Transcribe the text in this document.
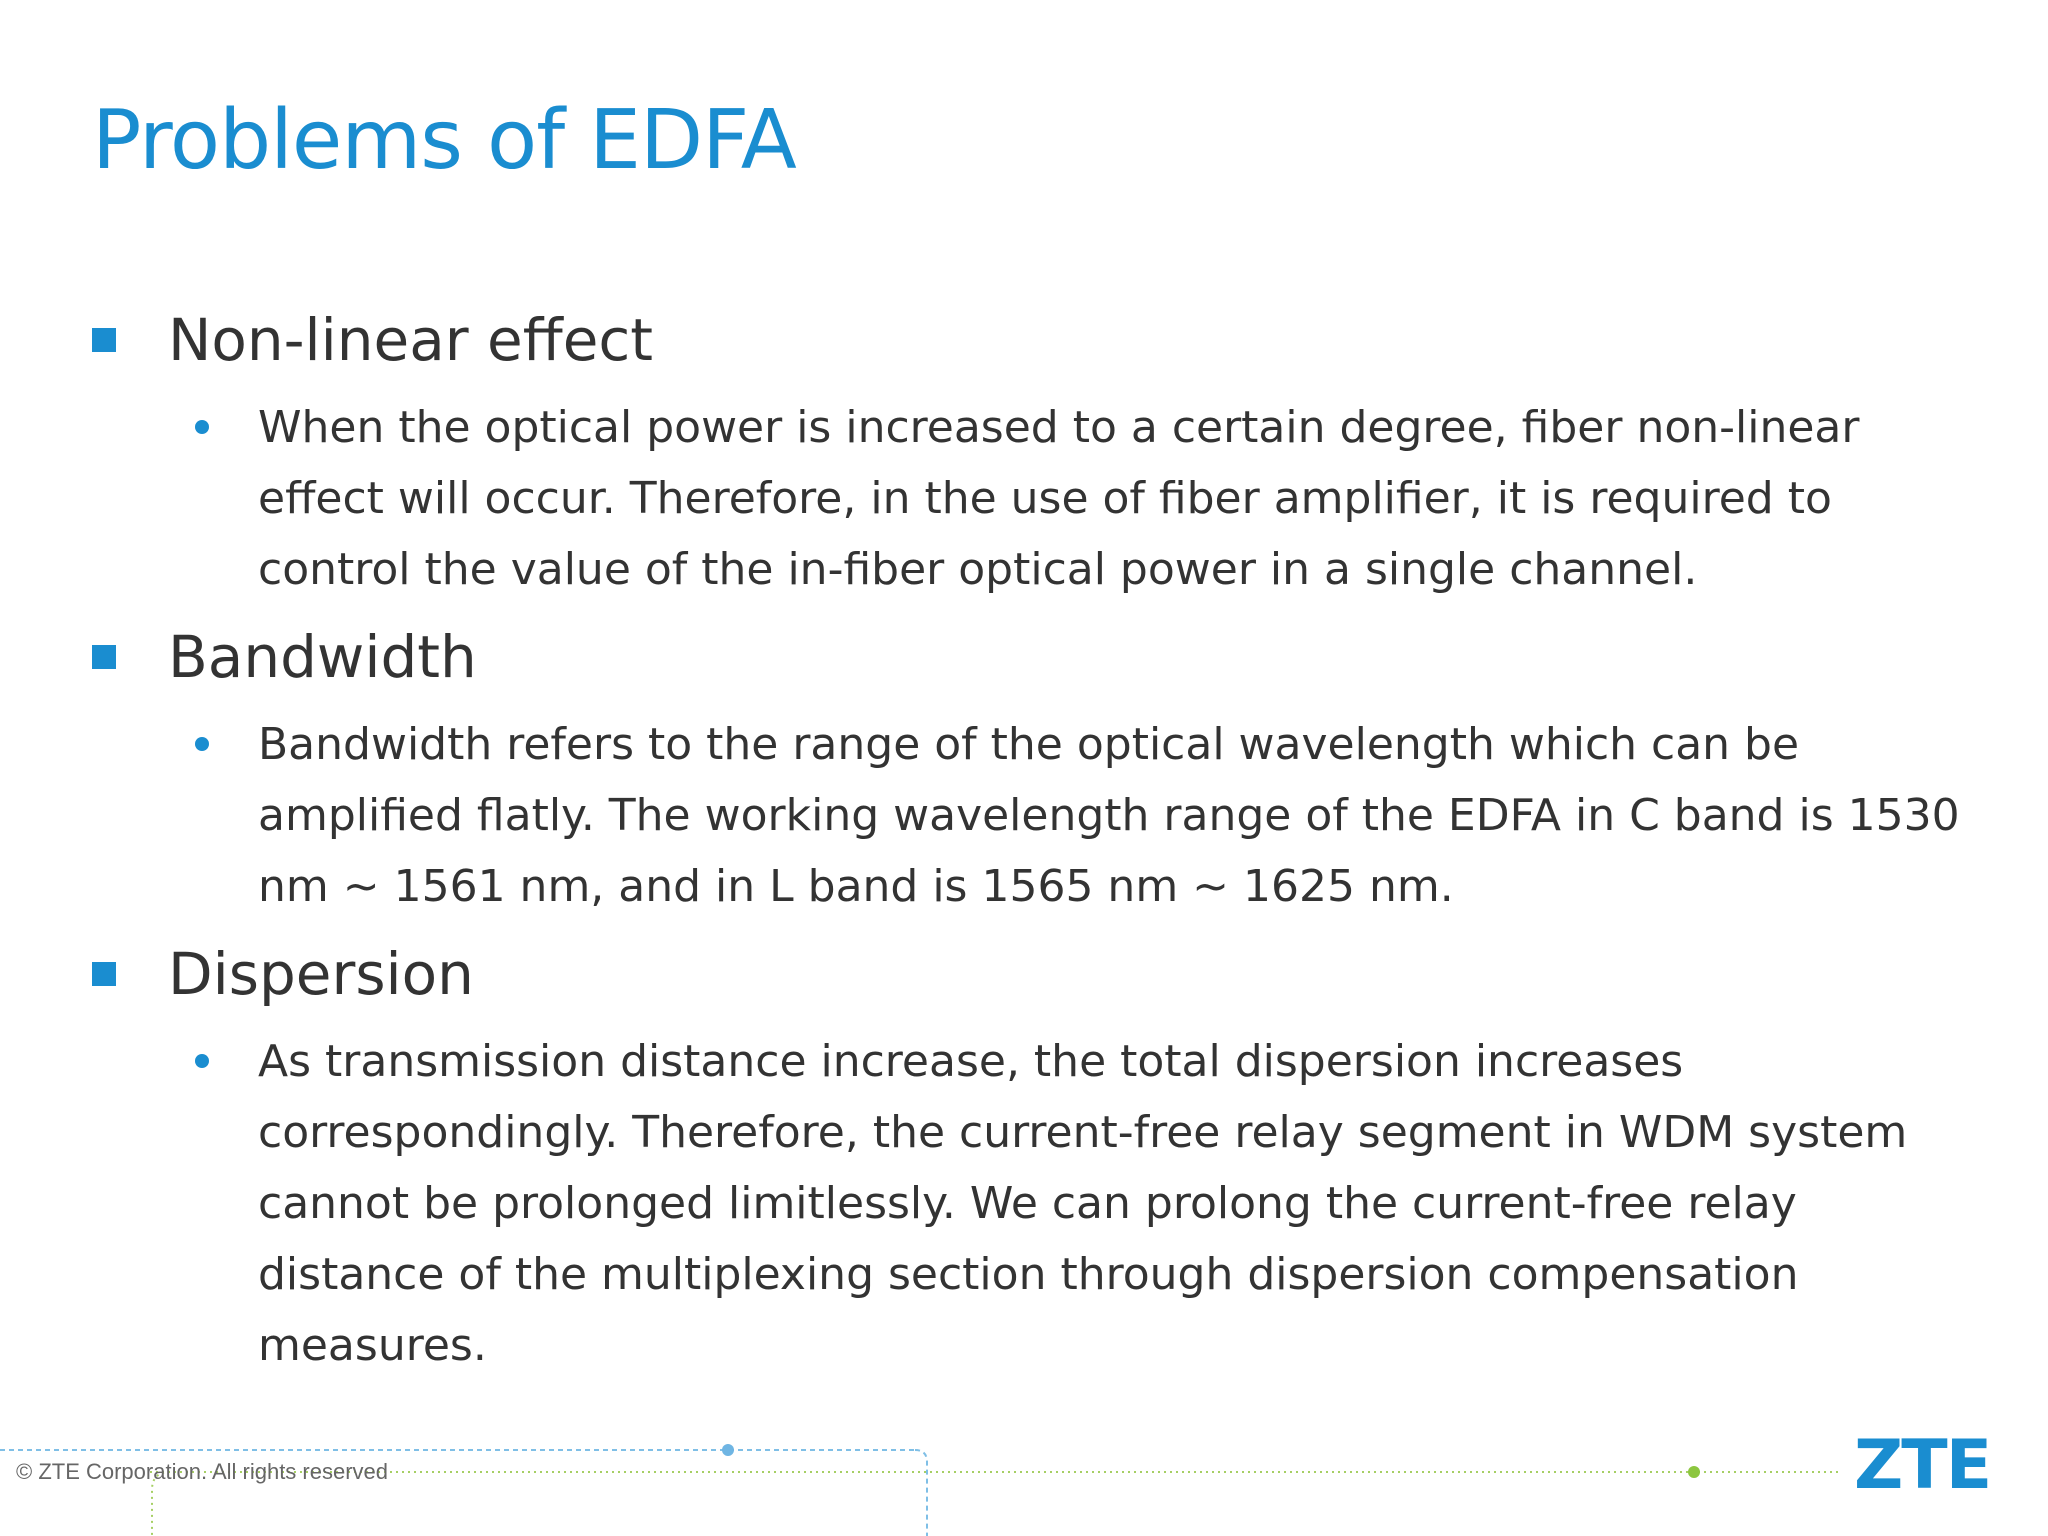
Problems of EDFA
Non-linear effect
When the optical power is increased to a certain degree, fiber non-linear effect will occur. Therefore, in the use of fiber amplifier, it is required to control the value of the in-fiber optical power in a single channel.
Bandwidth
Bandwidth refers to the range of the optical wavelength which can be amplified flatly. The working wavelength range of the EDFA in C band is 1530 nm ~ 1561 nm, and in L band is 1565 nm ~ 1625 nm.
Dispersion
As transmission distance increase, the total dispersion increases correspondingly. Therefore, the current-free relay segment in WDM system cannot be prolonged limitlessly. We can prolong the current-free relay distance of the multiplexing section through dispersion compensation measures.
© ZTE Corporation. All rights reserved	ZTE
